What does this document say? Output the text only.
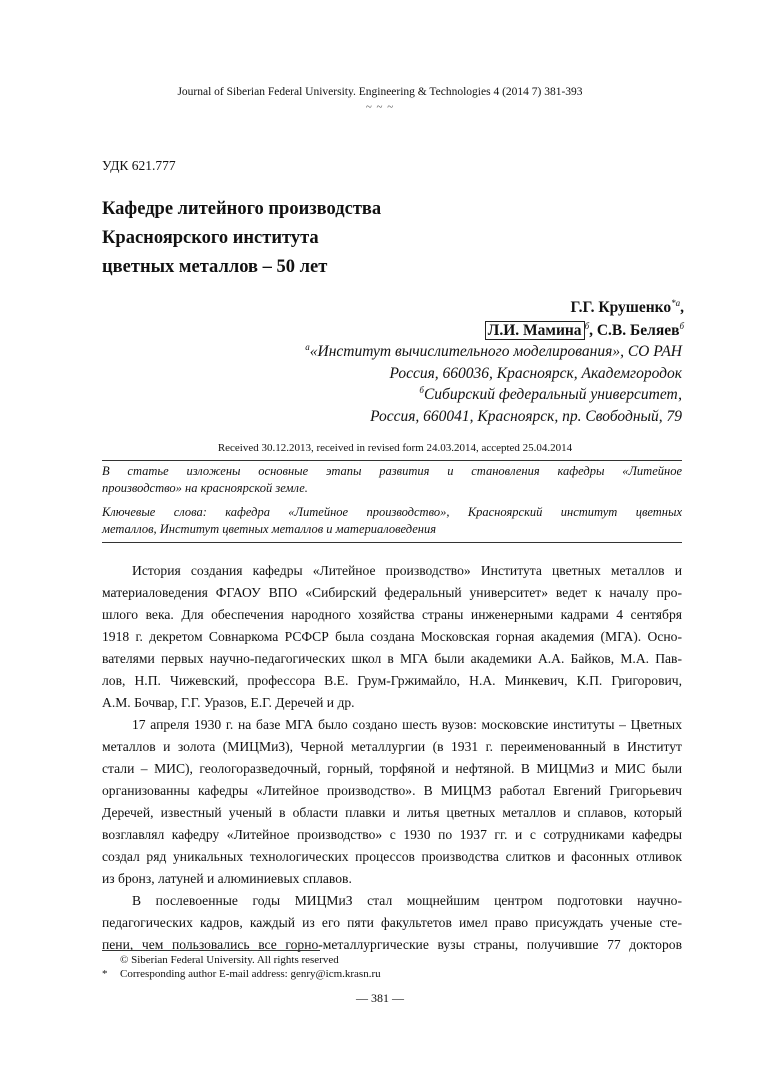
Journal of Siberian Federal University. Engineering & Technologies 4 (2014 7) 381-393
~ ~ ~
УДК 621.777
Кафедре литейного производства
Красноярского института
цветных металлов – 50 лет
Г.Г. Крушенко$^{*а}$,
Л.И. Мамина $^б$, С.В. Беляев$^б$
$^а$«Институт вычислительного моделирования», СО РАН
Россия, 660036, Красноярск, Академгородок
$^б$Сибирский федеральный университет,
Россия, 660041, Красноярск, пр. Свободный, 79
Received 30.12.2013, received in revised form 24.03.2014, accepted 25.04.2014
В статье изложены основные этапы развития и становления кафедры «Литейное
производство» на красноярской земле.
Ключевые слова: кафедра «Литейное производство», Красноярский институт цветных
металлов, Институт цветных металлов и материаловедения
История создания кафедры «Литейное производство» Института цветных металлов и
материаловедения ФГАОУ ВПО «Сибирский федеральный университет» ведет к началу про-
шлого века. Для обеспечения народного хозяйства страны инженерными кадрами 4 сентября
1918 г. декретом Совнаркома РСФСР была создана Московская горная академия (МГА). Осно-
вателями первых научно-педагогических школ в МГА были академики А.А. Байков, М.А. Пав-
лов, Н.П. Чижевский, профессора В.Е. Грум-Гржимайло, Н.А. Минкевич, К.П. Григорович,
А.М. Бочвар, Г.Г. Уразов, Е.Г. Деречей и др.
17 апреля 1930 г. на базе МГА было создано шесть вузов: московские институты – Цветных
металлов и золота (МИЦМиЗ), Черной металлургии (в 1931 г. переименованный в Институт
стали – МИС), геологоразведочный, горный, торфяной и нефтяной. В МИЦМиЗ и МИС были
организованны кафедры «Литейное производство». В МИЦМЗ работал Евгений Григорьевич
Деречей, известный ученый в области плавки и литья цветных металлов и сплавов, который
возглавлял кафедру «Литейное производство» с 1930 по 1937 гг. и с сотрудниками кафедры
создал ряд уникальных технологических процессов производства слитков и фасонных отливок
из бронз, латуней и алюминиевых сплавов.
В послевоенные годы МИЦМиЗ стал мощнейшим центром подготовки научно-
педагогических кадров, каждый из его пяти факультетов имел право присуждать ученые сте-
пени, чем пользовались все горно-металлургические вузы страны, получившие 77 докторов
© Siberian Federal University. All rights reserved
* Corresponding author E-mail address: genry@icm.krasn.ru
— 381 —
